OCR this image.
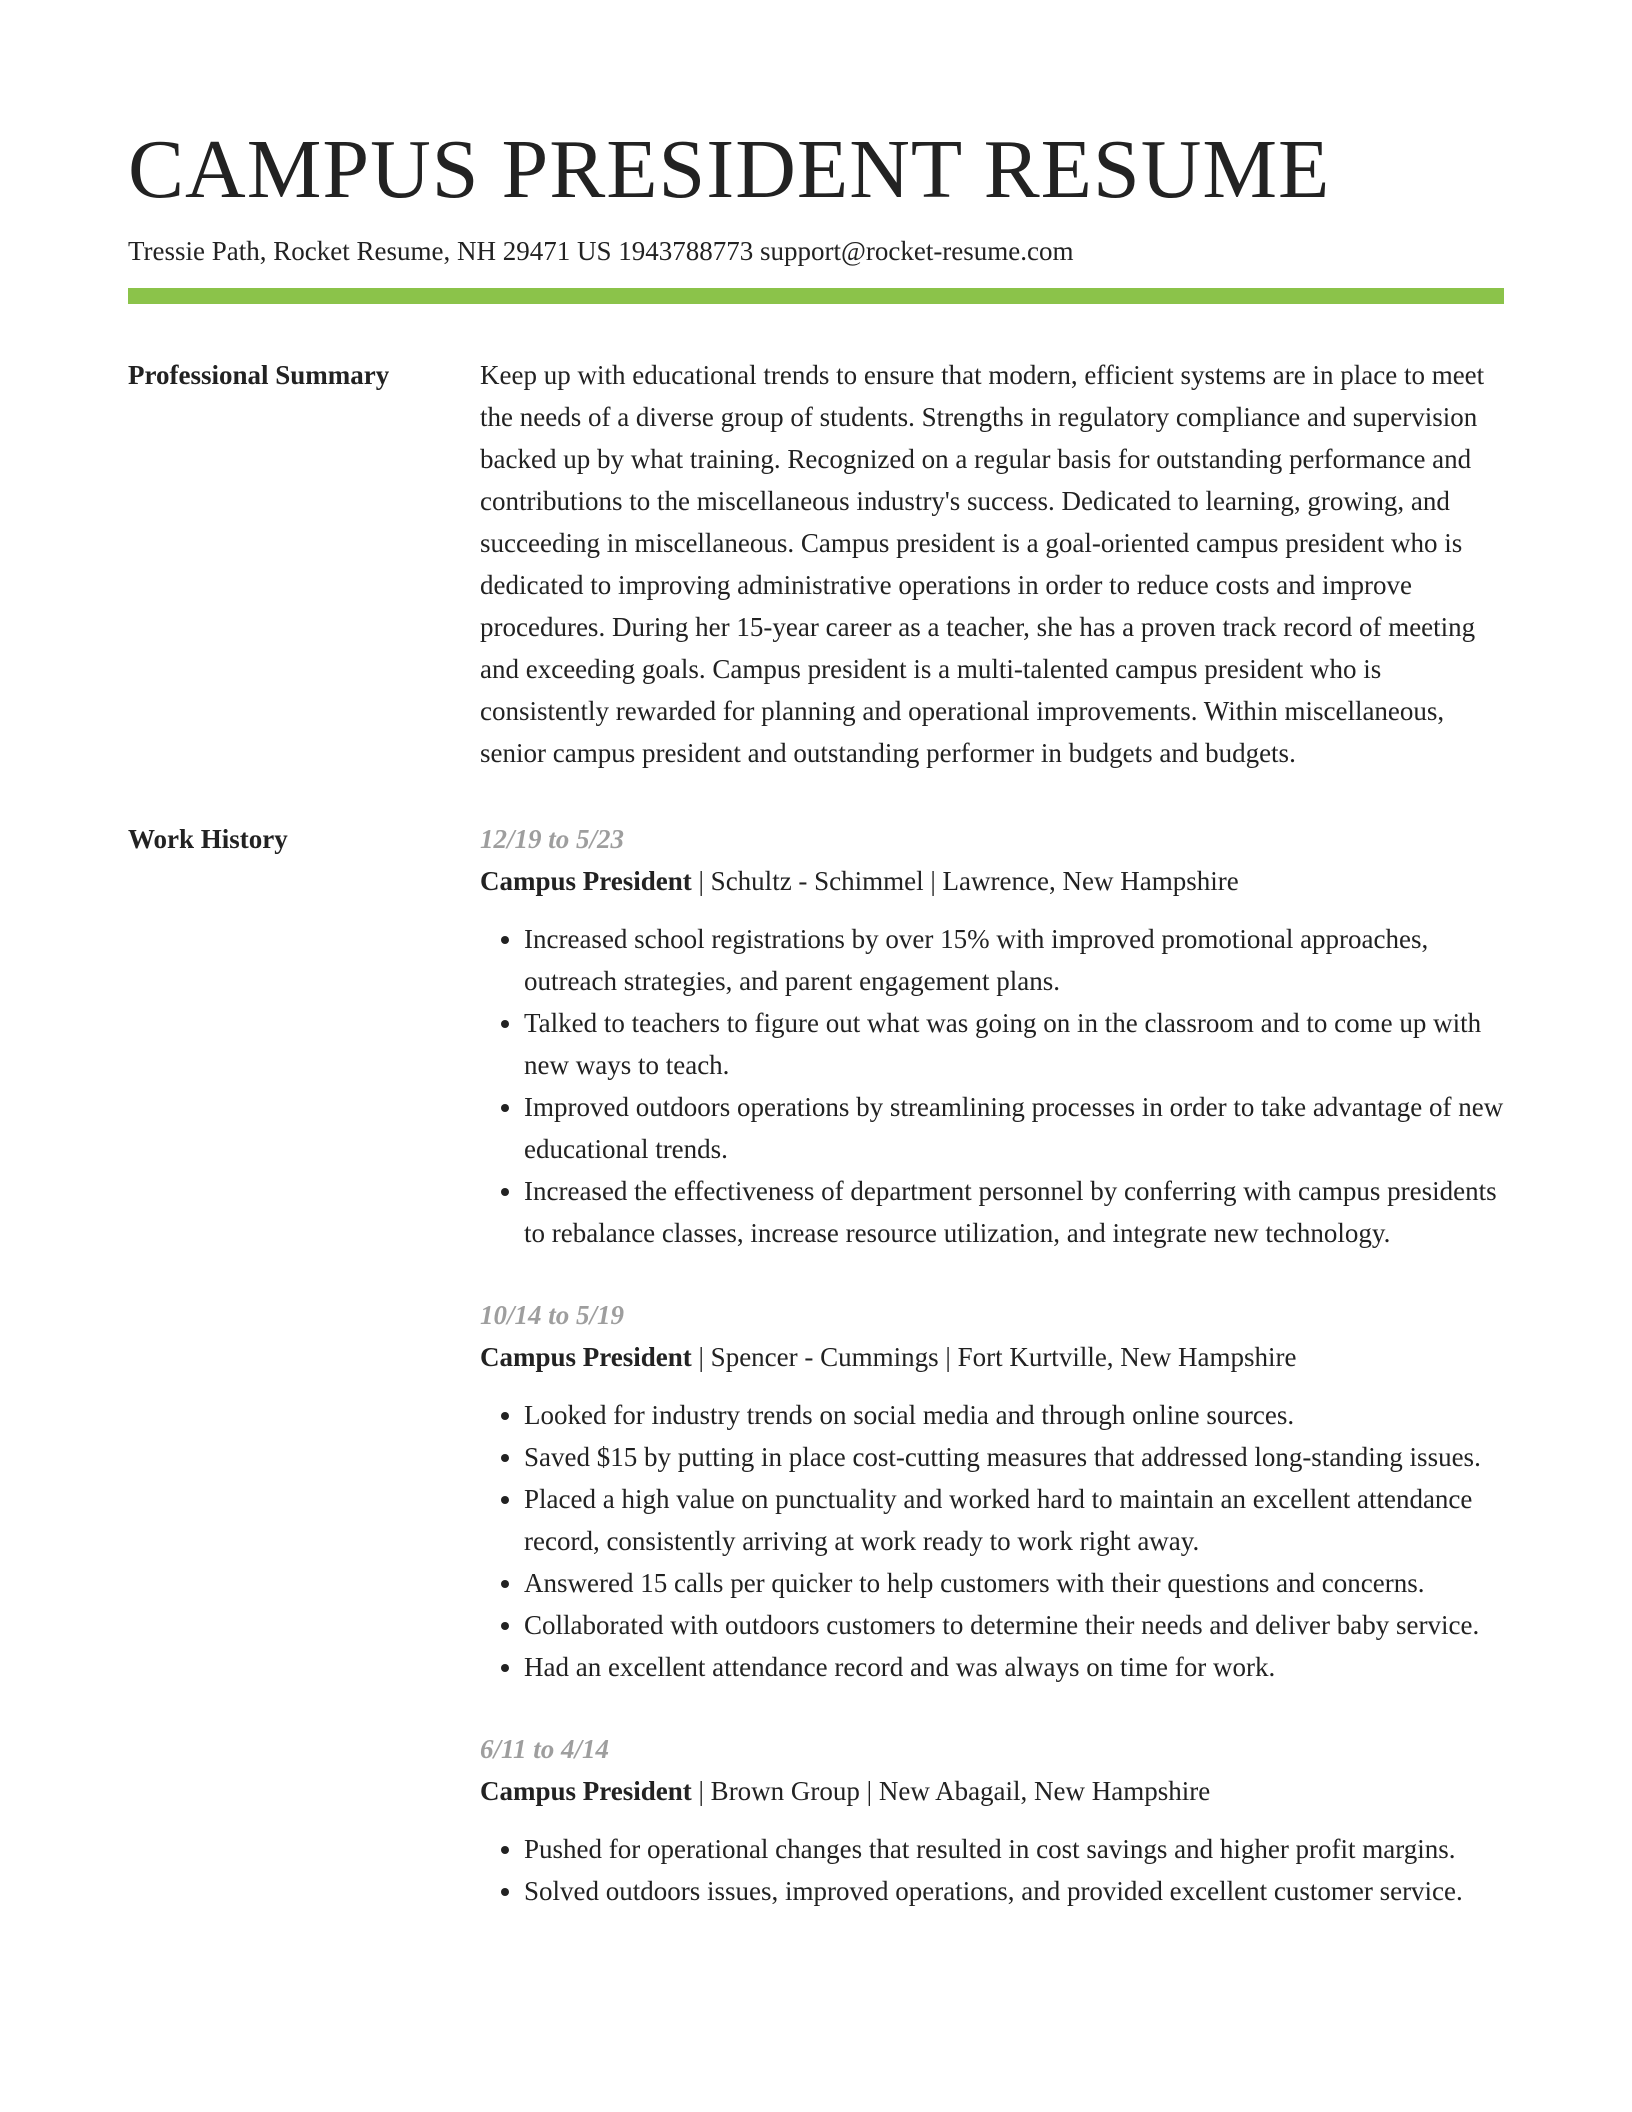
CAMPUS PRESIDENT RESUME
Tressie Path, Rocket Resume, NH 29471 US 1943788773 support@rocket-resume.com
Professional Summary	Keep up with educational trends to ensure that modern, efficient systems are in place to meet the needs of a diverse group of students. Strengths in regulatory compliance and supervision backed up by what training. Recognized on a regular basis for outstanding performance and contributions to the miscellaneous industry's success. Dedicated to learning, growing, and succeeding in miscellaneous. Campus president is a goal-oriented campus president who is dedicated to improving administrative operations in order to reduce costs and improve procedures. During her 15-year career as a teacher, she has a proven track record of meeting and exceeding goals. Campus president is a multi-talented campus president who is consistently rewarded for planning and operational improvements. Within miscellaneous, senior campus president and outstanding performer in budgets and budgets.

Work History	12/19 to 5/23
Campus President | Schultz - Schimmel | Lawrence, New Hampshire
• Increased school registrations by over 15% with improved promotional approaches, outreach strategies, and parent engagement plans.
• Talked to teachers to figure out what was going on in the classroom and to come up with new ways to teach.
• Improved outdoors operations by streamlining processes in order to take advantage of new educational trends.
• Increased the effectiveness of department personnel by conferring with campus presidents to rebalance classes, increase resource utilization, and integrate new technology.
10/14 to 5/19
Campus President | Spencer - Cummings | Fort Kurtville, New Hampshire
• Looked for industry trends on social media and through online sources.
• Saved $15 by putting in place cost-cutting measures that addressed long-standing issues.
• Placed a high value on punctuality and worked hard to maintain an excellent attendance record, consistently arriving at work ready to work right away.
• Answered 15 calls per quicker to help customers with their questions and concerns.
• Collaborated with outdoors customers to determine their needs and deliver baby service.
• Had an excellent attendance record and was always on time for work.
6/11 to 4/14
Campus President | Brown Group | New Abagail, New Hampshire
• Pushed for operational changes that resulted in cost savings and higher profit margins.
• Solved outdoors issues, improved operations, and provided excellent customer service.
